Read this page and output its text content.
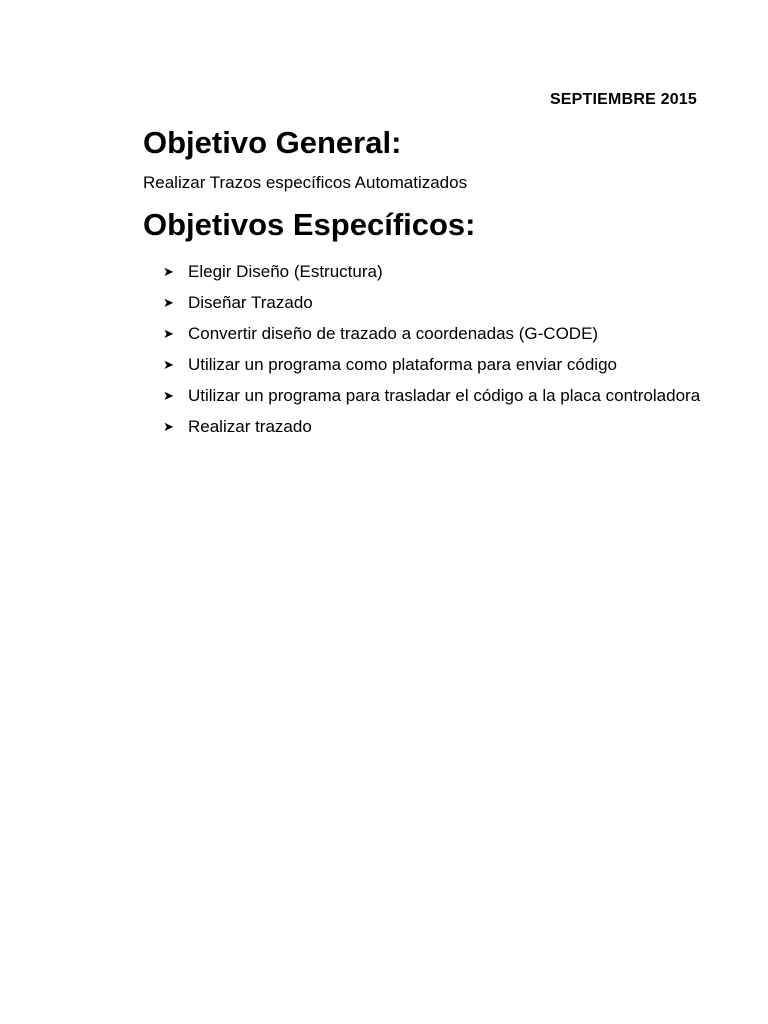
SEPTIEMBRE 2015
Objetivo General:

Realizar Trazos específicos Automatizados

Objetivos Específicos:
➤ Elegir Diseño (Estructura)
➤ Diseñar Trazado
➤ Convertir diseño de trazado a coordenadas (G-CODE)
➤ Utilizar un programa como plataforma para enviar código
➤ Utilizar un programa para trasladar el código a la placa controladora
➤ Realizar trazado
